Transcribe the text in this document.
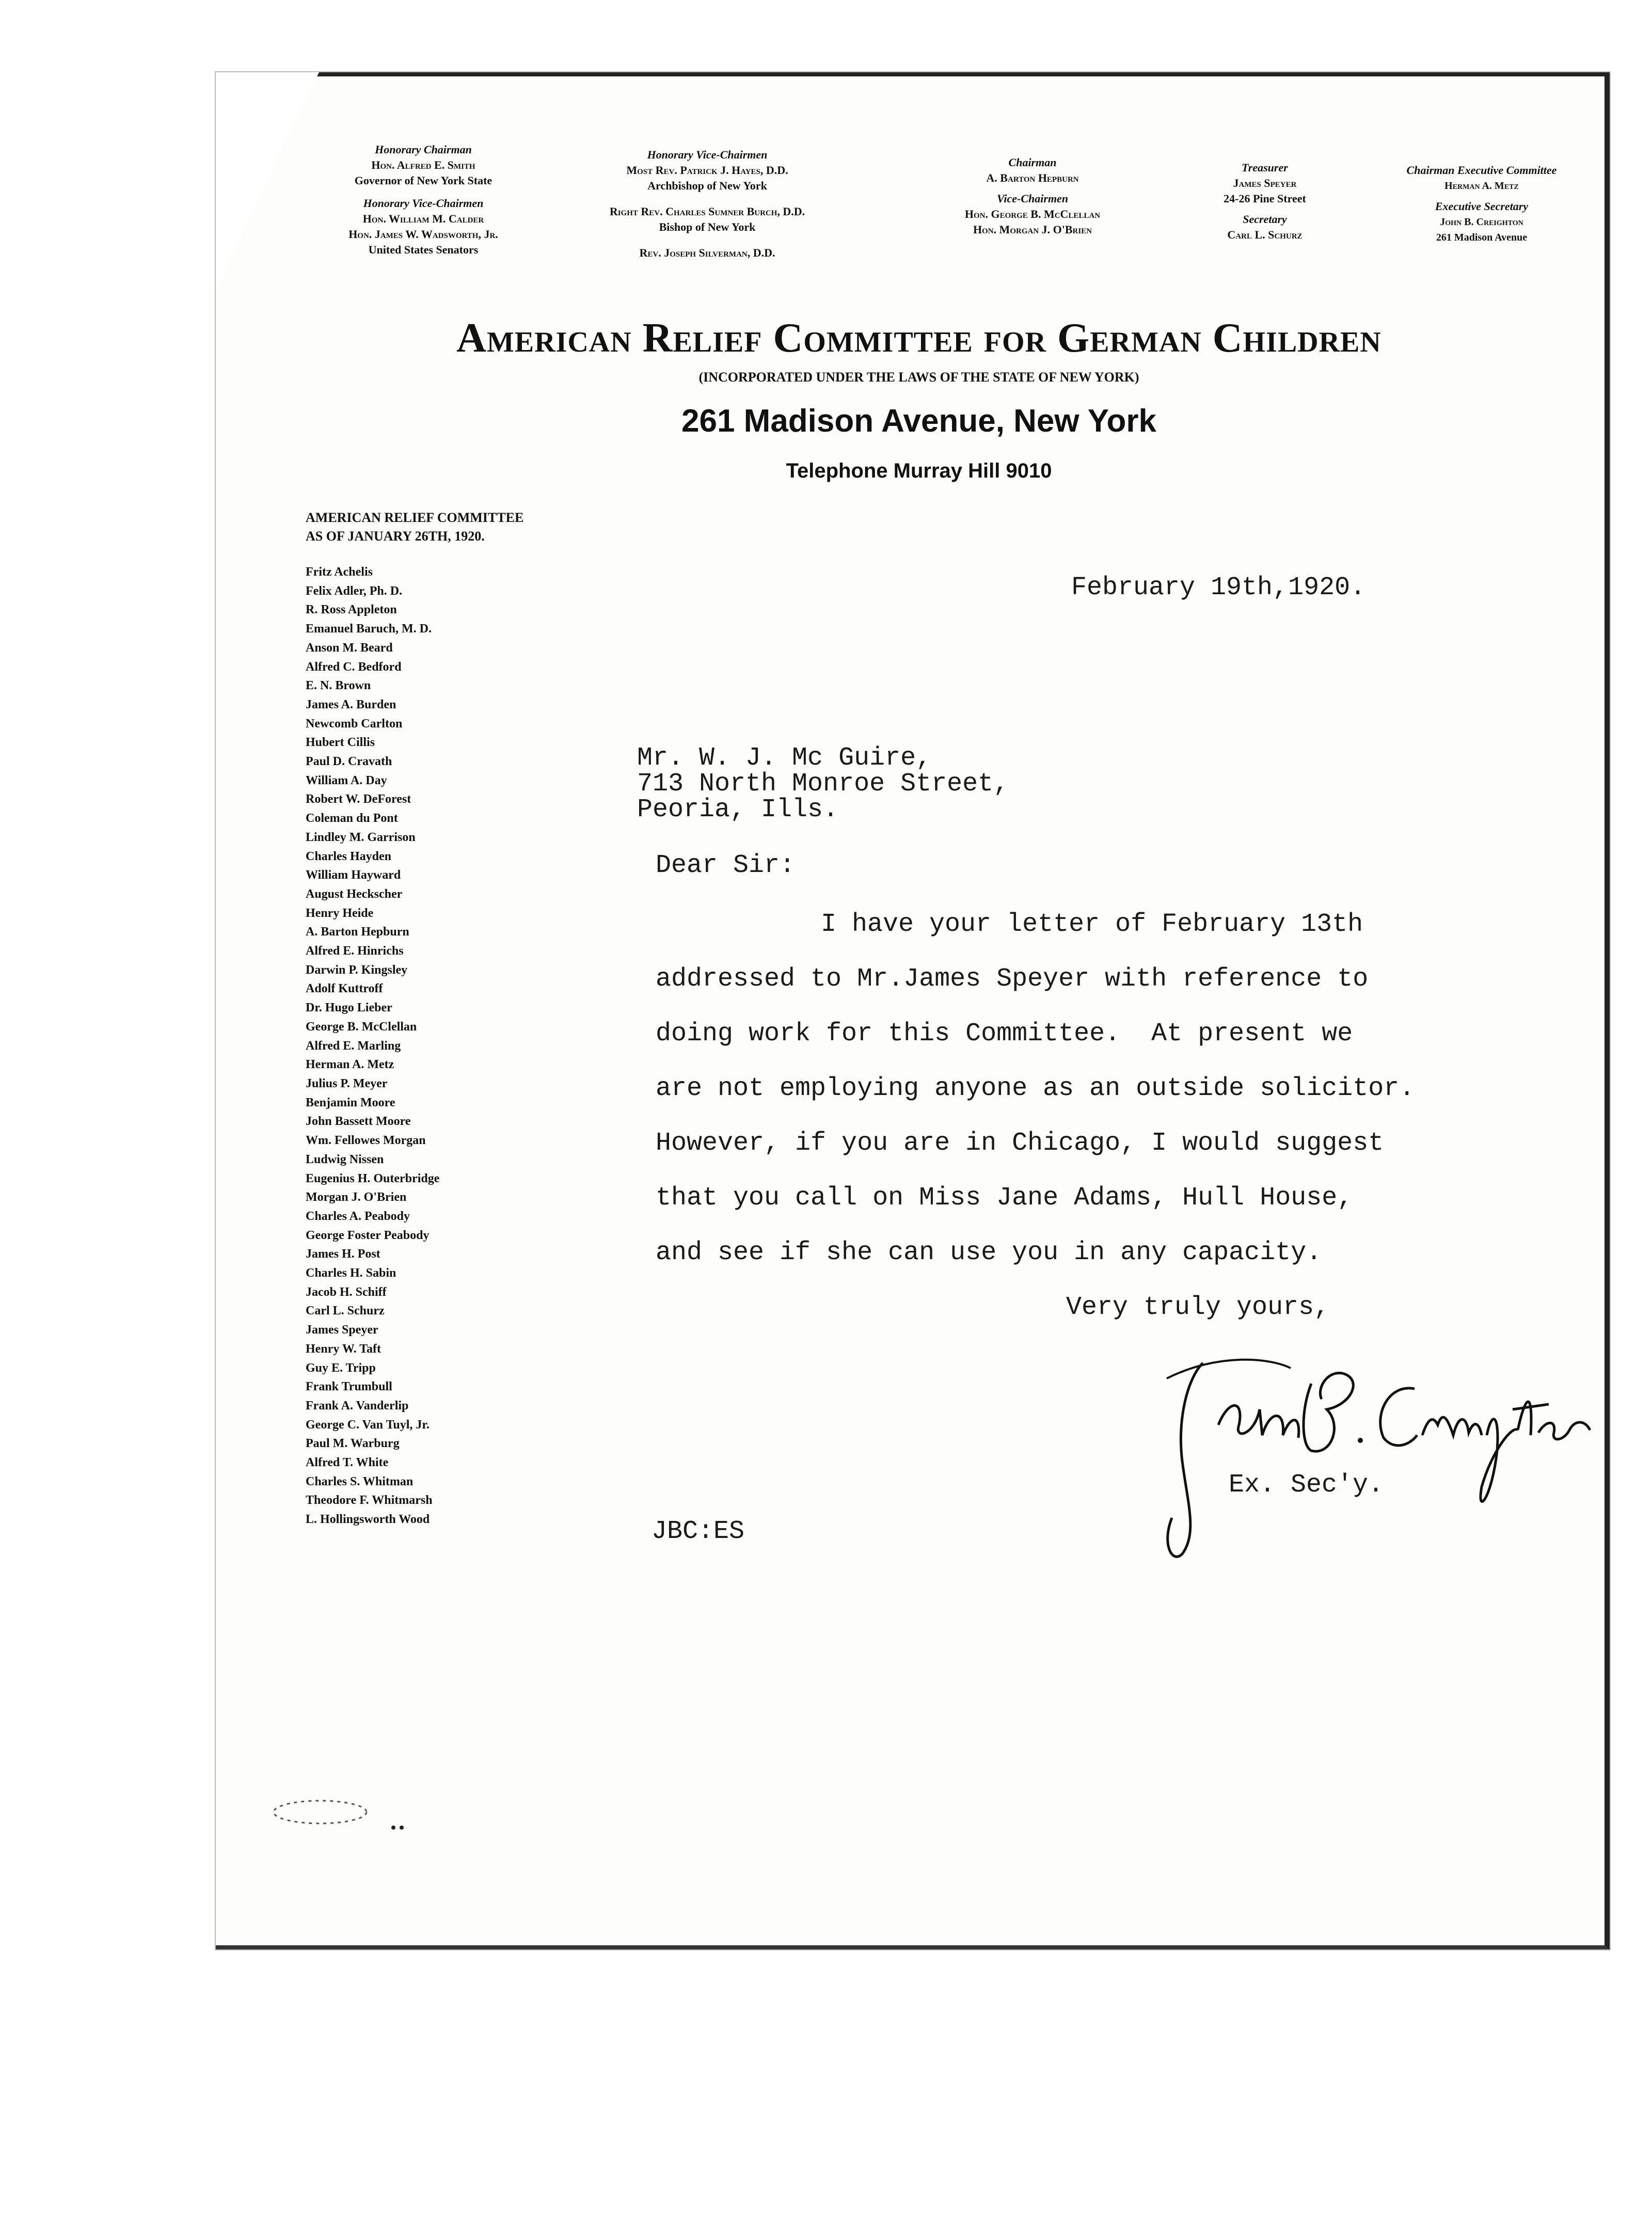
Honorary Chairman
Hon. Alfred E. Smith
Governor of New York State
Honorary Vice-Chairmen
Hon. William M. Calder
Hon. James W. Wadsworth, Jr.
United States Senators
Honorary Vice-Chairmen
Most Rev. Patrick J. Hayes, D.D.
Archbishop of New York
Right Rev. Charles Sumner Burch, D.D.
Bishop of New York
Rev. Joseph Silverman, D.D.
Chairman
A. Barton Hepburn
Vice-Chairmen
Hon. George B. McClellan
Hon. Morgan J. O'Brien
Treasurer
James Speyer
24-26 Pine Street
Secretary
Carl L. Schurz
Chairman Executive Committee
Herman A. Metz
Executive Secretary
John B. Creighton
261 Madison Avenue
American Relief Committee for German Children
(INCORPORATED UNDER THE LAWS OF THE STATE OF NEW YORK)
261 Madison Avenue, New York
Telephone Murray Hill 9010
AMERICAN RELIEF COMMITTEE
AS OF JANUARY 26TH, 1920.
Fritz Achelis
Felix Adler, Ph. D.
R. Ross Appleton
Emanuel Baruch, M. D.
Anson M. Beard
Alfred C. Bedford
E. N. Brown
James A. Burden
Newcomb Carlton
Hubert Cillis
Paul D. Cravath
William A. Day
Robert W. DeForest
Coleman du Pont
Lindley M. Garrison
Charles Hayden
William Hayward
August Heckscher
Henry Heide
A. Barton Hepburn
Alfred E. Hinrichs
Darwin P. Kingsley
Adolf Kuttroff
Dr. Hugo Lieber
George B. McClellan
Alfred E. Marling
Herman A. Metz
Julius P. Meyer
Benjamin Moore
John Bassett Moore
Wm. Fellowes Morgan
Ludwig Nissen
Eugenius H. Outerbridge
Morgan J. O'Brien
Charles A. Peabody
George Foster Peabody
James H. Post
Charles H. Sabin
Jacob H. Schiff
Carl L. Schurz
James Speyer
Henry W. Taft
Guy E. Tripp
Frank Trumbull
Frank A. Vanderlip
George C. Van Tuyl, Jr.
Paul M. Warburg
Alfred T. White
Charles S. Whitman
Theodore F. Whitmarsh
L. Hollingsworth Wood
February 19th,1920.
Mr. W. J. Mc Guire,
713 North Monroe Street,
Peoria, Ills.
Dear Sir:
I have your letter of February 13th
addressed to Mr.James Speyer with reference to
doing work for this Committee.  At present we
are not employing anyone as an outside solicitor.
However, if you are in Chicago, I would suggest
that you call on Miss Jane Adams, Hull House,
and see if she can use you in any capacity.
Very truly yours,
Ex. Sec'y.
JBC:ES
